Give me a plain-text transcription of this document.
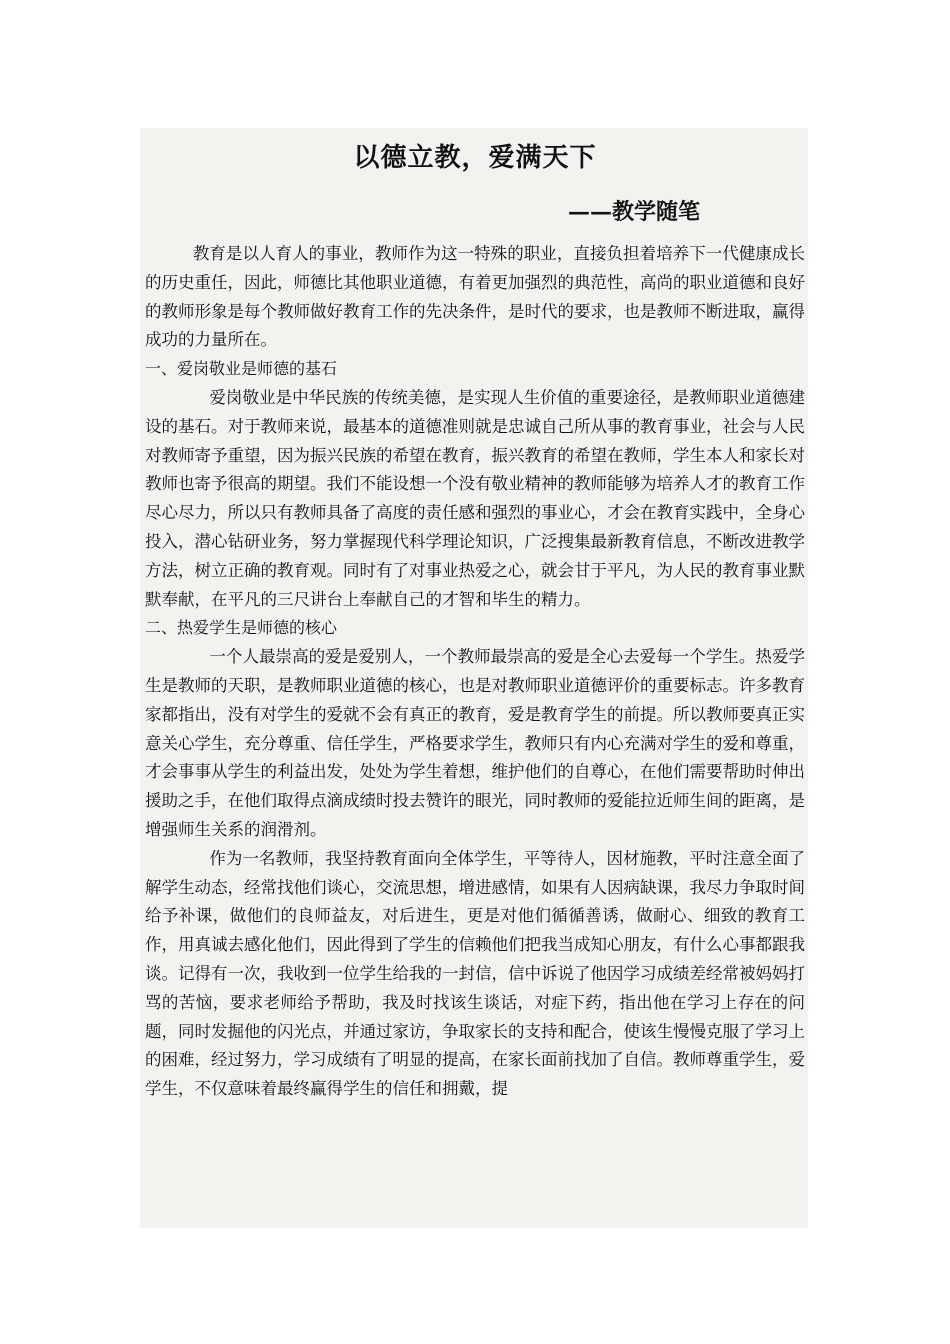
以德立教，爱满天下
——教学随笔

教育是以人育人的事业，教师作为这一特殊的职业，直接负担着培养下一代健康成长的历史重任，因此，师德比其他职业道德，有着更加强烈的典范性，高尚的职业道德和良好的教师形象是每个教师做好教育工作的先决条件，是时代的要求，也是教师不断进取，赢得成功的力量所在。

一、爱岗敬业是师德的基石

爱岗敬业是中华民族的传统美德，是实现人生价值的重要途径，是教师职业道德建设的基石。对于教师来说，最基本的道德准则就是忠诚自己所从事的教育事业，社会与人民对教师寄予重望，因为振兴民族的希望在教育，振兴教育的希望在教师，学生本人和家长对教师也寄予很高的期望。我们不能设想一个没有敬业精神的教师能够为培养人才的教育工作尽心尽力，所以只有教师具备了高度的责任感和强烈的事业心，才会在教育实践中，全身心投入，潜心钻研业务，努力掌握现代科学理论知识，广泛搜集最新教育信息，不断改进教学方法，树立正确的教育观。同时有了对事业热爱之心，就会甘于平凡，为人民的教育事业默默奉献，在平凡的三尺讲台上奉献自己的才智和毕生的精力。

二、热爱学生是师德的核心

一个人最崇高的爱是爱别人，一个教师最崇高的爱是全心去爱每一个学生。热爱学生是教师的天职，是教师职业道德的核心，也是对教师职业道德评价的重要标志。许多教育家都指出，没有对学生的爱就不会有真正的教育，爱是教育学生的前提。所以教师要真正实意关心学生，充分尊重、信任学生，严格要求学生，教师只有内心充满对学生的爱和尊重，才会事事从学生的利益出发，处处为学生着想，维护他们的自尊心，在他们需要帮助时伸出援助之手，在他们取得点滴成绩时投去赞许的眼光，同时教师的爱能拉近师生间的距离，是增强师生关系的润滑剂。

作为一名教师，我坚持教育面向全体学生，平等待人，因材施教，平时注意全面了解学生动态，经常找他们谈心，交流思想，增进感情，如果有人因病缺课，我尽力争取时间给予补课，做他们的良师益友，对后进生，更是对他们循循善诱，做耐心、细致的教育工作，用真诚去感化他们，因此得到了学生的信赖他们把我当成知心朋友，有什么心事都跟我谈。记得有一次，我收到一位学生给我的一封信，信中诉说了他因学习成绩差经常被妈妈打骂的苦恼，要求老师给予帮助，我及时找该生谈话，对症下药，指出他在学习上存在的问题，同时发掘他的闪光点，并通过家访，争取家长的支持和配合，使该生慢慢克服了学习上的困难，经过努力，学习成绩有了明显的提高，在家长面前找加了自信。教师尊重学生，爱学生，不仅意味着最终赢得学生的信任和拥戴，提
